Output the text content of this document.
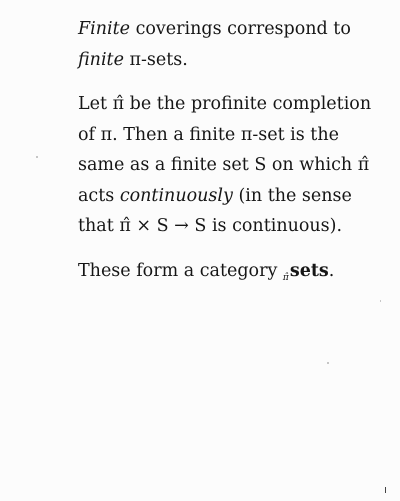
Finite coverings correspond to
finite π-sets.

Let π̂ be the profinite completion
of π. Then a finite π-set is the
same as a finite set S on which π̂
acts continuously (in the sense
that π̂ × S → S is continuous).

These form a category $_{\pî}$sets.
